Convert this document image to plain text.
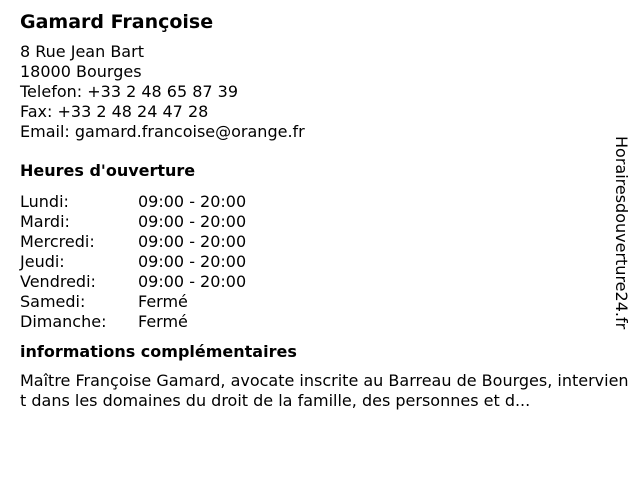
Gamard Françoise
8 Rue Jean Bart
18000 Bourges
Telefon: +33 2 48 65 87 39
Fax: +33 2 48 24 47 28
Email: gamard.francoise@orange.fr
Heures d'ouverture
Lundi:	09:00 - 20:00
Mardi:	09:00 - 20:00
Mercredi:	09:00 - 20:00
Jeudi:	09:00 - 20:00
Vendredi:	09:00 - 20:00
Samedi:	Fermé
Dimanche:	Fermé
informations complémentaires
Maître Françoise Gamard, avocate inscrite au Barreau de Bourges, intervient dans les domaines du droit de la famille, des personnes et d...
Horairesdouverture24.fr
